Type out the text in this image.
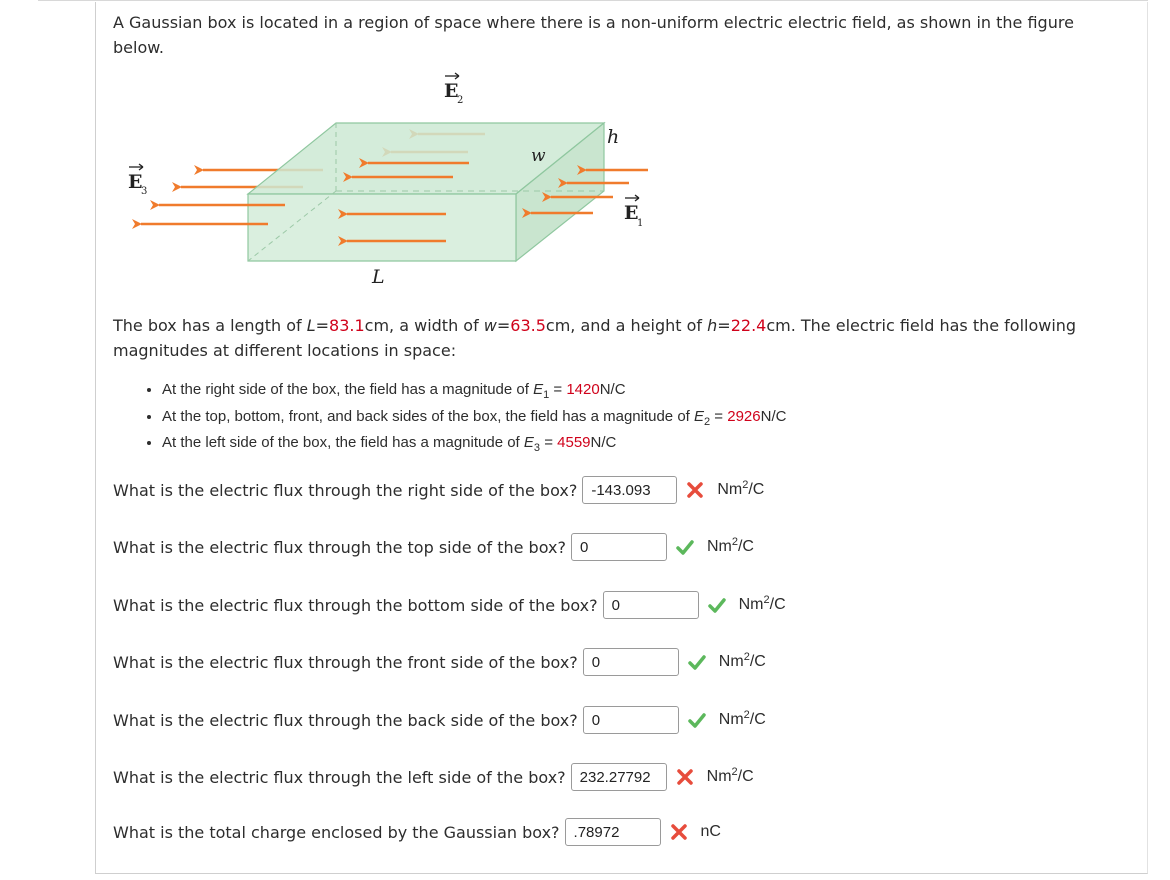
A Gaussian box is located in a region of space where there is a non-uniform electric electric field, as shown in the figure below.
E
2
E
3
E
1
h
w
L
The box has a length of L=83.1cm, a width of w=63.5cm, and a height of h=22.4cm. The electric field has the following magnitudes at different locations in space:
• At the right side of the box, the field has a magnitude of $E_1 = 1420N/C$
• At the top, bottom, front, and back sides of the box, the field has a magnitude of $E_2 = 2926N/C$
• At the left side of the box, the field has a magnitude of $E_3 = 4559N/C$
What is the electric flux through the right side of the box? -143.093	Nm$^2$/C
What is the electric flux through the top side of the box? 0	Nm$^2$/C
What is the electric flux through the bottom side of the box? 0	Nm$^2$/C
What is the electric flux through the front side of the box? 0	Nm$^2$/C
What is the electric flux through the back side of the box? 0	Nm$^2$/C
What is the electric flux through the left side of the box? 232.27792	Nm$^2$/C
What is the total charge enclosed by the Gaussian box? .78972	nC
